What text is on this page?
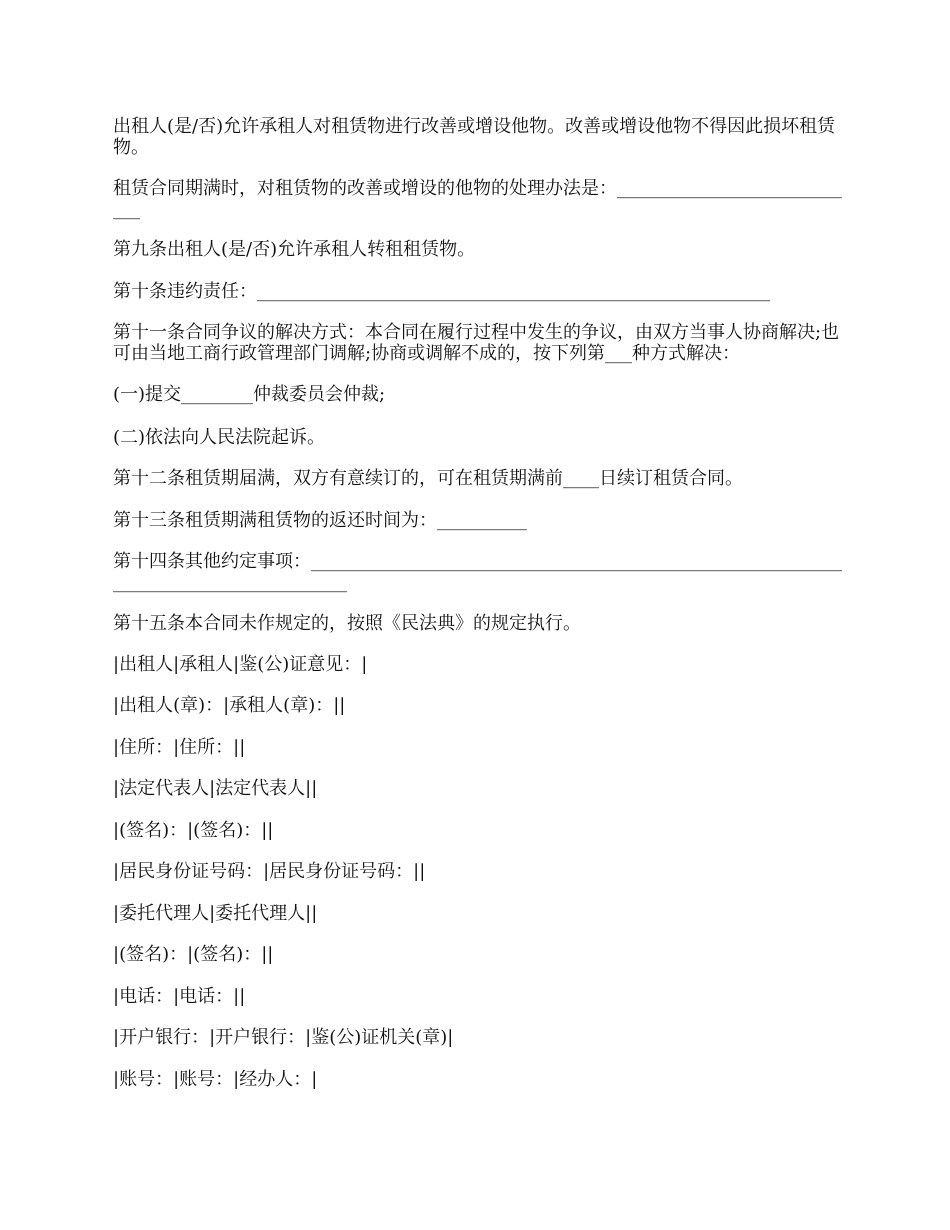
出租人(是/否)允许承租人对租赁物进行改善或增设他物。改善或增设他物不得因此损坏租赁物。
租赁合同期满时，对租赁物的改善或增设的他物的处理办法是：____________________________
第九条出租人(是/否)允许承租人转租租赁物。
第十条违约责任：_________________________________________________________
第十一条合同争议的解决方式：本合同在履行过程中发生的争议，由双方当事人协商解决;也可由当地工商行政管理部门调解;协商或调解不成的，按下列第___种方式解决：
(一)提交________仲裁委员会仲裁;
(二)依法向人民法院起诉。
第十二条租赁期届满，双方有意续订的，可在租赁期满前____日续订租赁合同。
第十三条租赁期满租赁物的返还时间为：__________
第十四条其他约定事项：_____________________________________________________________________________________
第十五条本合同未作规定的，按照《民法典》的规定执行。
|出租人|承租人|鉴(公)证意见：|
|出租人(章)：|承租人(章)：||
|住所：|住所：||
|法定代表人|法定代表人||
|(签名)：|(签名)：||
|居民身份证号码：|居民身份证号码：||
|委托代理人|委托代理人||
|(签名)：|(签名)：||
|电话：|电话：||
|开户银行：|开户银行：|鉴(公)证机关(章)|
|账号：|账号：|经办人：|
